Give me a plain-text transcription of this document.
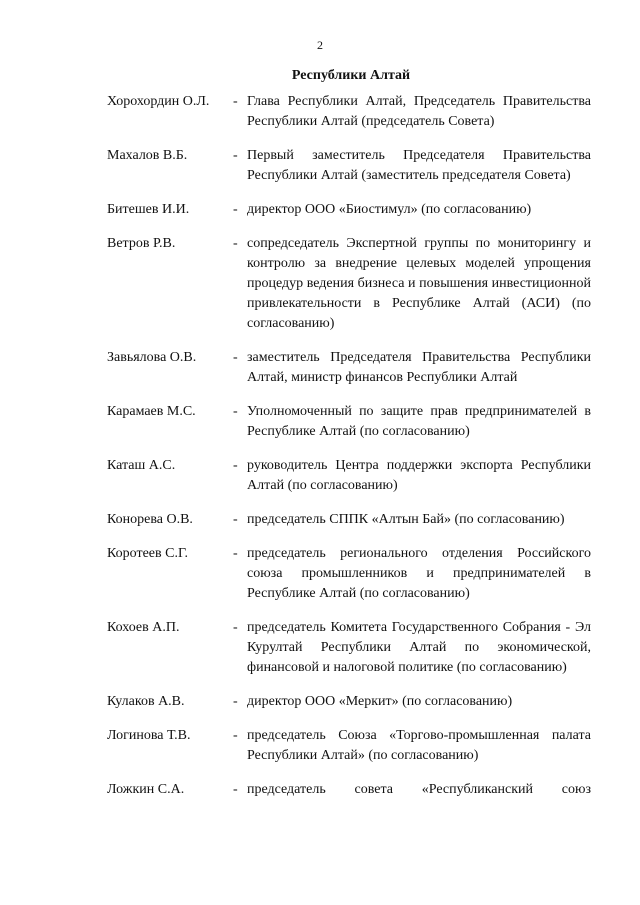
2
Республики Алтай
Хорохордин О.Л.	- Глава Республики Алтай, Председатель Правительства Республики Алтай (председатель Совета)
Махалов В.Б.	- Первый заместитель Председателя Правительства Республики Алтай (заместитель председателя Совета)
Битешев И.И.	- директор ООО «Биостимул» (по согласованию)
Ветров Р.В.	- сопредседатель Экспертной группы по мониторингу и контролю за внедрение целевых моделей упрощения процедур ведения бизнеса и повышения инвестиционной привлекательности в Республике Алтай (АСИ) (по согласованию)
Завьялова О.В.	- заместитель Председателя Правительства Республики Алтай, министр финансов Республики Алтай
Карамаев М.С.	- Уполномоченный по защите прав предпринимателей в Республике Алтай (по согласованию)
Каташ А.С.	- руководитель Центра поддержки экспорта Республики Алтай (по согласованию)
Конорева О.В.	- председатель СППК «Алтын Бай» (по согласованию)
Коротеев С.Г.	- председатель регионального отделения Российского союза промышленников и предпринимателей в Республике Алтай (по согласованию)
Кохоев А.П.	- председатель Комитета Государственного Собрания - Эл Курултай Республики Алтай по экономической, финансовой и налоговой политике (по согласованию)
Кулаков А.В.	- директор ООО «Меркит» (по согласованию)
Логинова Т.В.	- председатель Союза «Торгово-промышленная палата Республики Алтай» (по согласованию)
Ложкин С.А.	- председатель совета «Республиканский союз
